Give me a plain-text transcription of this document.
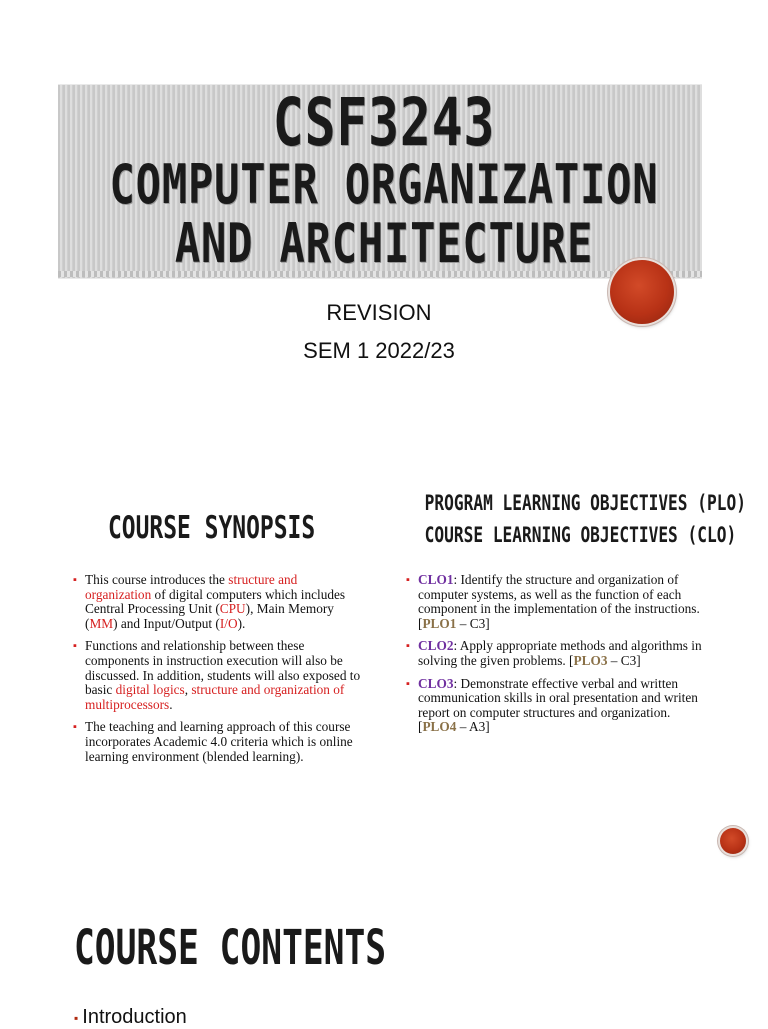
CSF3243
COMPUTER ORGANIZATION
AND ARCHITECTURE
REVISION
SEM 1 2022/23
COURSE SYNOPSIS
PROGRAM LEARNING OBJECTIVES (PLO)
COURSE LEARNING OBJECTIVES (CLO)
▪ This course introduces the structure and organization of digital computers which includes Central Processing Unit (CPU), Main Memory (MM) and Input/Output (I/O).
▪ Functions and relationship between these components in instruction execution will also be discussed. In addition, students will also exposed to basic digital logics, structure and organization of multiprocessors.
▪ The teaching and learning approach of this course incorporates Academic 4.0 criteria which is online learning environment (blended learning).
▪ CLO1: Identify the structure and organization of computer systems, as well as the function of each component in the implementation of the instructions. [PLO1 – C3]
▪ CLO2: Apply appropriate methods and algorithms in solving the given problems. [PLO3 – C3]
▪ CLO3: Demonstrate effective verbal and written communication skills in oral presentation and writen report on computer structures and organization. [PLO4 – A3]
COURSE CONTENTS
▪ Introduction
